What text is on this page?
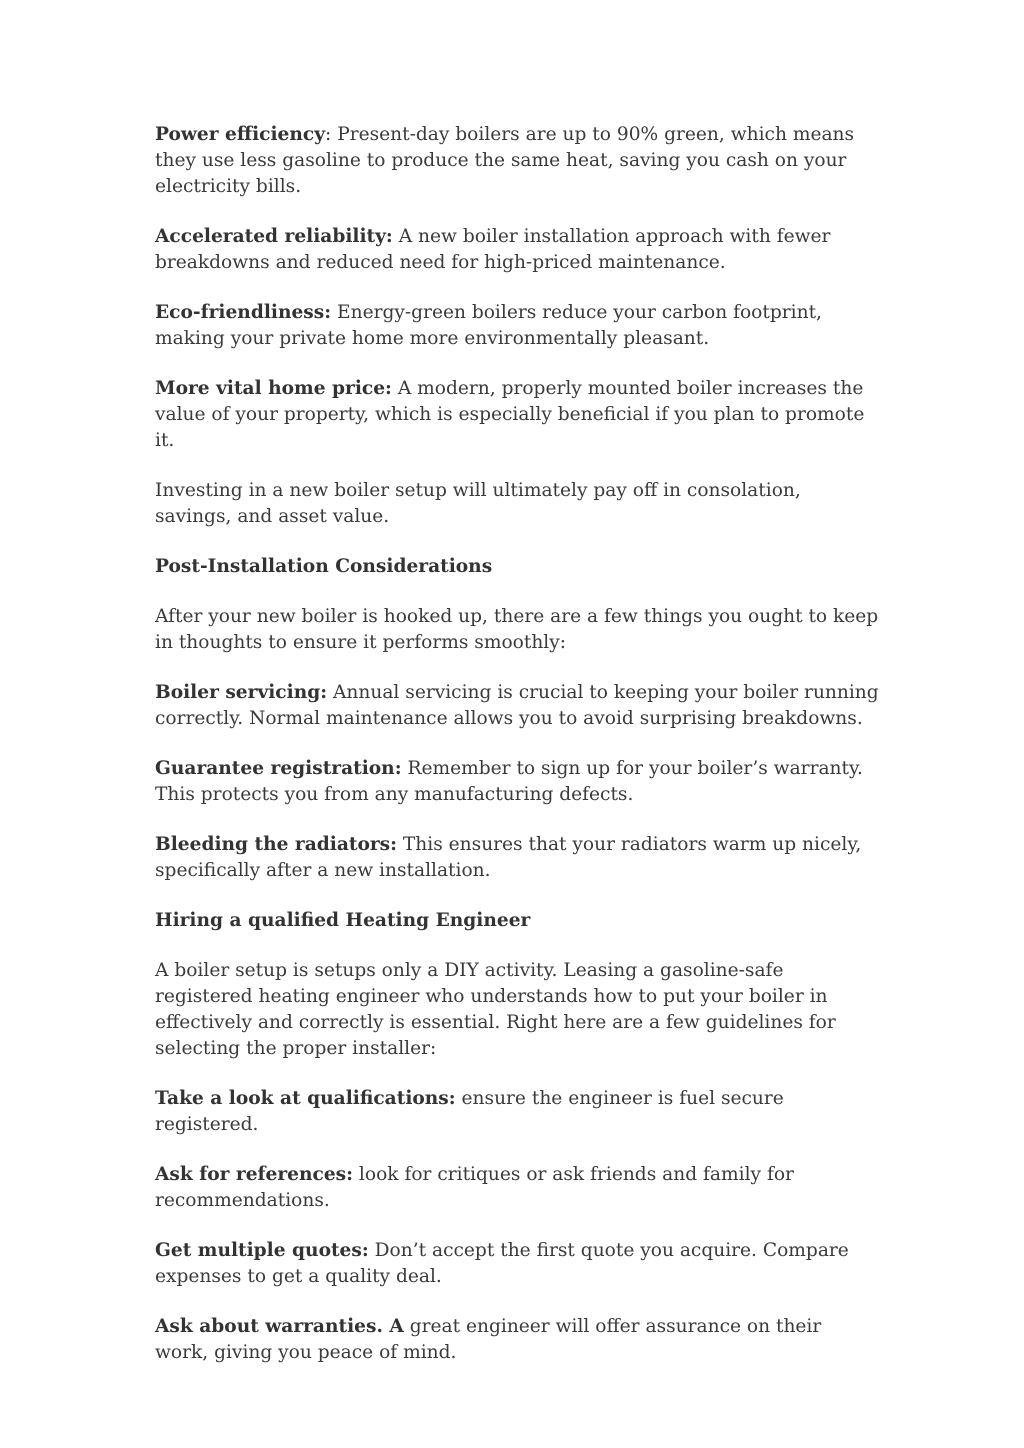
Power efficiency: Present-day boilers are up to 90% green, which means they use less gasoline to produce the same heat, saving you cash on your electricity bills.

Accelerated reliability: A new boiler installation approach with fewer breakdowns and reduced need for high-priced maintenance.

Eco-friendliness: Energy-green boilers reduce your carbon footprint, making your private home more environmentally pleasant.

More vital home price: A modern, properly mounted boiler increases the value of your property, which is especially beneficial if you plan to promote it.

Investing in a new boiler setup will ultimately pay off in consolation, savings, and asset value.

Post-Installation Considerations

After your new boiler is hooked up, there are a few things you ought to keep in thoughts to ensure it performs smoothly:

Boiler servicing: Annual servicing is crucial to keeping your boiler running correctly. Normal maintenance allows you to avoid surprising breakdowns.

Guarantee registration: Remember to sign up for your boiler’s warranty. This protects you from any manufacturing defects.

Bleeding the radiators: This ensures that your radiators warm up nicely, specifically after a new installation.

Hiring a qualified Heating Engineer

A boiler setup is setups only a DIY activity. Leasing a gasoline-safe registered heating engineer who understands how to put your boiler in effectively and correctly is essential. Right here are a few guidelines for selecting the proper installer:

Take a look at qualifications: ensure the engineer is fuel secure registered.

Ask for references: look for critiques or ask friends and family for recommendations.

Get multiple quotes: Don’t accept the first quote you acquire. Compare expenses to get a quality deal.

Ask about warranties. A great engineer will offer assurance on their work, giving you peace of mind.
